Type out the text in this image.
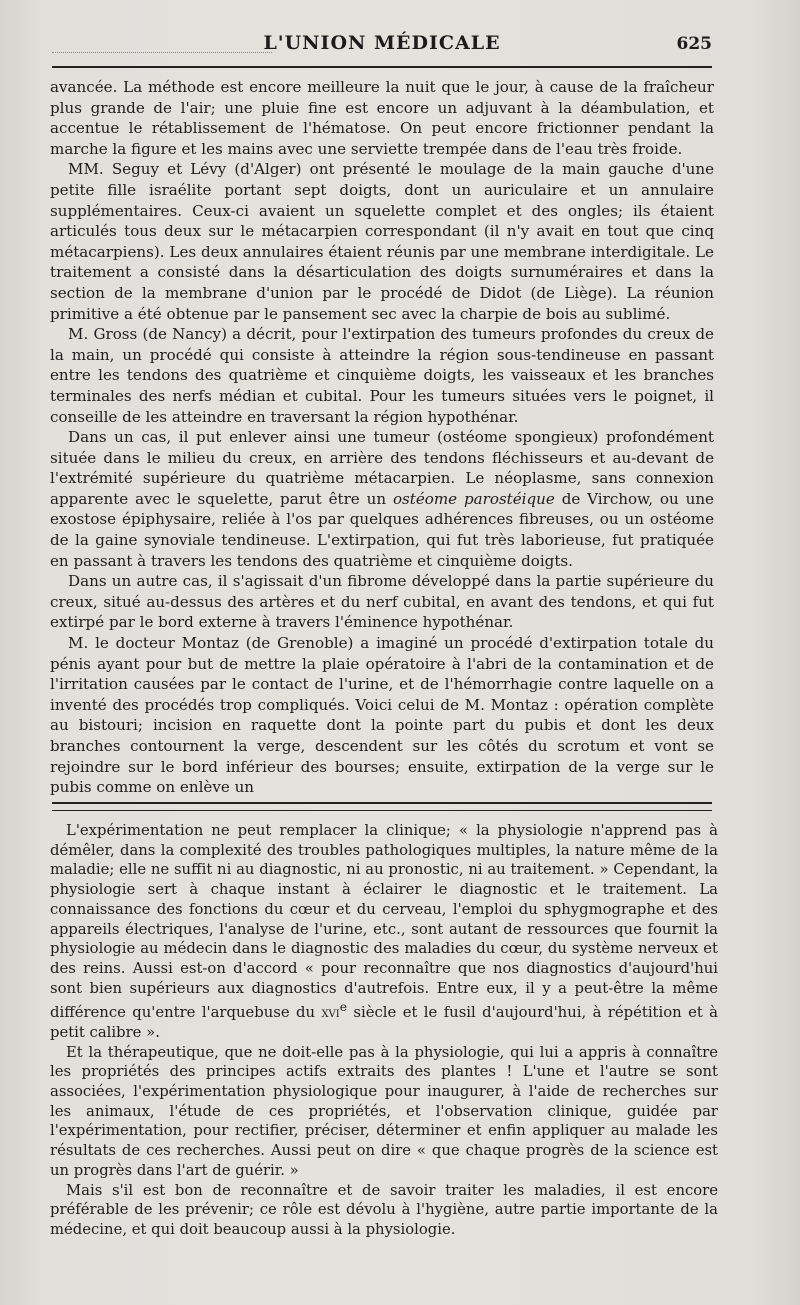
L'UNION MÉDICALE	625

avancée. La méthode est encore meilleure la nuit que le jour, à cause de la fraîcheur plus grande de l'air; une pluie fine est encore un adjuvant à la déambulation, et accentue le rétablissement de l'hématose. On peut encore frictionner pendant la marche la figure et les mains avec une serviette trempée dans de l'eau très froide.

MM. Seguy et Lévy (d'Alger) ont présenté le moulage de la main gauche d'une petite fille israélite portant sept doigts, dont un auriculaire et un annulaire supplémentaires. Ceux-ci avaient un squelette complet et des ongles; ils étaient articulés tous deux sur le métacarpien correspondant (il n'y avait en tout que cinq métacarpiens). Les deux annulaires étaient réunis par une membrane interdigitale. Le traitement a consisté dans la désarticulation des doigts surnuméraires et dans la section de la membrane d'union par le procédé de Didot (de Liège). La réunion primitive a été obtenue par le pansement sec avec la charpie de bois au sublimé.

M. Gross (de Nancy) a décrit, pour l'extirpation des tumeurs profondes du creux de la main, un procédé qui consiste à atteindre la région sous-tendineuse en passant entre les tendons des quatrième et cinquième doigts, les vaisseaux et les branches terminales des nerfs médian et cubital. Pour les tumeurs situées vers le poignet, il conseille de les atteindre en traversant la région hypothénar.

Dans un cas, il put enlever ainsi une tumeur (ostéome spongieux) profondément située dans le milieu du creux, en arrière des tendons fléchisseurs et au-devant de l'extrémité supérieure du quatrième métacarpien. Le néoplasme, sans connexion apparente avec le squelette, parut être un ostéome parostéique de Virchow, ou une exostose épiphysaire, reliée à l'os par quelques adhérences fibreuses, ou un ostéome de la gaine synoviale tendineuse. L'extirpation, qui fut très laborieuse, fut pratiquée en passant à travers les tendons des quatrième et cinquième doigts.

Dans un autre cas, il s'agissait d'un fibrome développé dans la partie supérieure du creux, situé au-dessus des artères et du nerf cubital, en avant des tendons, et qui fut extirpé par le bord externe à travers l'éminence hypothénar.

M. le docteur Montaz (de Grenoble) a imaginé un procédé d'extirpation totale du pénis ayant pour but de mettre la plaie opératoire à l'abri de la contamination et de l'irritation causées par le contact de l'urine, et de l'hémorrhagie contre laquelle on a inventé des procédés trop compliqués. Voici celui de M. Montaz : opération complète au bistouri; incision en raquette dont la pointe part du pubis et dont les deux branches contournent la verge, descendent sur les côtés du scrotum et vont se rejoindre sur le bord inférieur des bourses; ensuite, extirpation de la verge sur le pubis comme on enlève un

L'expérimentation ne peut remplacer la clinique; « la physiologie n'apprend pas à démêler, dans la complexité des troubles pathologiques multiples, la nature même de la maladie; elle ne suffit ni au diagnostic, ni au pronostic, ni au traitement. » Cependant, la physiologie sert à chaque instant à éclairer le diagnostic et le traitement. La connaissance des fonctions du cœur et du cerveau, l'emploi du sphygmographe et des appareils électriques, l'analyse de l'urine, etc., sont autant de ressources que fournit la physiologie au médecin dans le diagnostic des maladies du cœur, du système nerveux et des reins. Aussi est-on d'accord « pour reconnaître que nos diagnostics d'aujourd'hui sont bien supérieurs aux diagnostics d'autrefois. Entre eux, il y a peut-être la même différence qu'entre l'arquebuse du xvi$^e$ siècle et le fusil d'aujourd'hui, à répétition et à petit calibre ».

Et la thérapeutique, que ne doit-elle pas à la physiologie, qui lui a appris à connaître les propriétés des principes actifs extraits des plantes ! L'une et l'autre se sont associées, l'expérimentation physiologique pour inaugurer, à l'aide de recherches sur les animaux, l'étude de ces propriétés, et l'observation clinique, guidée par l'expérimentation, pour rectifier, préciser, déterminer et enfin appliquer au malade les résultats de ces recherches. Aussi peut on dire « que chaque progrès de la science est un progrès dans l'art de guérir. »

Mais s'il est bon de reconnaître et de savoir traiter les maladies, il est encore préférable de les prévenir; ce rôle est dévolu à l'hygiène, autre partie importante de la médecine, et qui doit beaucoup aussi à la physiologie.
